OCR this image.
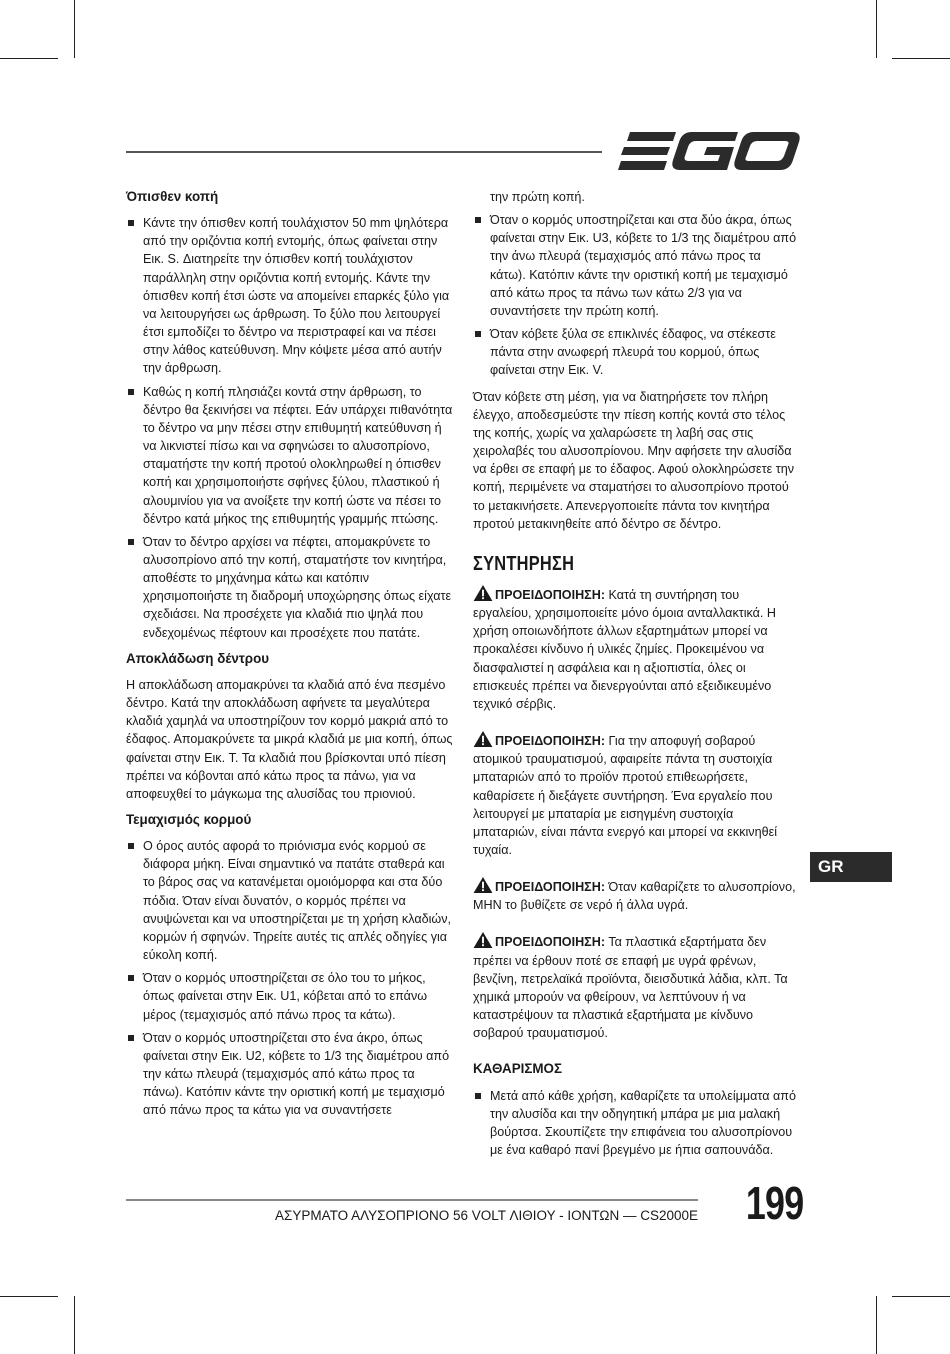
Όπισθεν κοπή
Κάντε την όπισθεν κοπή τουλάχιστον 50 mm ψηλότερα από την οριζόντια κοπή εντομής, όπως φαίνεται στην Εικ. S. Διατηρείτε την όπισθεν κοπή τουλάχιστον παράλληλη στην οριζόντια κοπή εντομής. Κάντε την όπισθεν κοπή έτσι ώστε να απομείνει επαρκές ξύλο για να λειτουργήσει ως άρθρωση. Το ξύλο που λειτουργεί έτσι εμποδίζει το δέντρο να περιστραφεί και να πέσει στην λάθος κατεύθυνση. Μην κόψετε μέσα από αυτήν την άρθρωση.
Καθώς η κοπή πλησιάζει κοντά στην άρθρωση, το δέντρο θα ξεκινήσει να πέφτει. Εάν υπάρχει πιθανότητα το δέντρο να μην πέσει στην επιθυμητή κατεύθυνση ή να λικνιστεί πίσω και να σφηνώσει το αλυσοπρίονο, σταματήστε την κοπή προτού ολοκληρωθεί η όπισθεν κοπή και χρησιμοποιήστε σφήνες ξύλου, πλαστικού ή αλουμινίου για να ανοίξετε την κοπή ώστε να πέσει το δέντρο κατά μήκος της επιθυμητής γραμμής πτώσης.
Όταν το δέντρο αρχίσει να πέφτει, απομακρύνετε το αλυσοπρίονο από την κοπή, σταματήστε τον κινητήρα, αποθέστε το μηχάνημα κάτω και κατόπιν χρησιμοποιήστε τη διαδρομή υποχώρησης όπως είχατε σχεδιάσει. Να προσέχετε για κλαδιά πιο ψηλά που ενδεχομένως πέφτουν και προσέχετε που πατάτε.
Αποκλάδωση δέντρου

Η αποκλάδωση απομακρύνει τα κλαδιά από ένα πεσμένο δέντρο. Κατά την αποκλάδωση αφήνετε τα μεγαλύτερα κλαδιά χαμηλά να υποστηρίζουν τον κορμό μακριά από το έδαφος. Απομακρύνετε τα μικρά κλαδιά με μια κοπή, όπως φαίνεται στην Εικ. T. Τα κλαδιά που βρίσκονται υπό πίεση πρέπει να κόβονται από κάτω προς τα πάνω, για να αποφευχθεί το μάγκωμα της αλυσίδας του πριονιού.

Τεμαχισμός κορμού
Ο όρος αυτός αφορά το πριόνισμα ενός κορμού σε διάφορα μήκη. Είναι σημαντικό να πατάτε σταθερά και το βάρος σας να κατανέμεται ομοιόμορφα και στα δύο πόδια. Όταν είναι δυνατόν, ο κορμός πρέπει να ανυψώνεται και να υποστηρίζεται με τη χρήση κλαδιών, κορμών ή σφηνών. Τηρείτε αυτές τις απλές οδηγίες για εύκολη κοπή.
Όταν ο κορμός υποστηρίζεται σε όλο του το μήκος, όπως φαίνεται στην Εικ. U1, κόβεται από το επάνω μέρος (τεμαχισμός από πάνω προς τα κάτω).
Όταν ο κορμός υποστηρίζεται στο ένα άκρο, όπως φαίνεται στην Εικ. U2, κόβετε το 1/3 της διαμέτρου από την κάτω πλευρά (τεμαχισμός από κάτω προς τα πάνω). Κατόπιν κάντε την οριστική κοπή με τεμαχισμό από πάνω προς τα κάτω για να συναντήσετε
την πρώτη κοπή.
Όταν ο κορμός υποστηρίζεται και στα δύο άκρα, όπως φαίνεται στην Εικ. U3, κόβετε το 1/3 της διαμέτρου από την άνω πλευρά (τεμαχισμός από πάνω προς τα κάτω). Κατόπιν κάντε την οριστική κοπή με τεμαχισμό από κάτω προς τα πάνω των κάτω 2/3 για να συναντήσετε την πρώτη κοπή.
Όταν κόβετε ξύλα σε επικλινές έδαφος, να στέκεστε πάντα στην ανωφερή πλευρά του κορμού, όπως φαίνεται στην Εικ. V.

Όταν κόβετε στη μέση, για να διατηρήσετε τον πλήρη έλεγχο, αποδεσμεύστε την πίεση κοπής κοντά στο τέλος της κοπής, χωρίς να χαλαρώσετε τη λαβή σας στις χειρολαβές του αλυσοπρίονου. Μην αφήσετε την αλυσίδα να έρθει σε επαφή με το έδαφος. Αφού ολοκληρώσετε την κοπή, περιμένετε να σταματήσει το αλυσοπρίονο προτού το μετακινήσετε. Απενεργοποιείτε πάντα τον κινητήρα προτού μετακινηθείτε από δέντρο σε δέντρο.

ΣΥΝΤΗΡΗΣΗ
ΠΡΟΕΙΔΟΠΟΙΗΣΗ: Κατά τη συντήρηση του εργαλείου, χρησιμοποιείτε μόνο όμοια ανταλλακτικά. Η χρήση οποιωνδήποτε άλλων εξαρτημάτων μπορεί να προκαλέσει κίνδυνο ή υλικές ζημίες. Προκειμένου να διασφαλιστεί η ασφάλεια και η αξιοπιστία, όλες οι επισκευές πρέπει να διενεργούνται από εξειδικευμένο τεχνικό σέρβις.
ΠΡΟΕΙΔΟΠΟΙΗΣΗ: Για την αποφυγή σοβαρού ατομικού τραυματισμού, αφαιρείτε πάντα τη συστοιχία μπαταριών από το προϊόν προτού επιθεωρήσετε, καθαρίσετε ή διεξάγετε συντήρηση. Ένα εργαλείο που λειτουργεί με μπαταρία με εισηγμένη συστοιχία μπαταριών, είναι πάντα ενεργό και μπορεί να εκκινηθεί τυχαία.
ΠΡΟΕΙΔΟΠΟΙΗΣΗ: Όταν καθαρίζετε το αλυσοπρίονο, ΜΗΝ το βυθίζετε σε νερό ή άλλα υγρά.
ΠΡΟΕΙΔΟΠΟΙΗΣΗ: Τα πλαστικά εξαρτήματα δεν πρέπει να έρθουν ποτέ σε επαφή με υγρά φρένων, βενζίνη, πετρελαϊκά προϊόντα, διεισδυτικά λάδια, κλπ. Τα χημικά μπορούν να φθείρουν, να λεπτύνουν ή να καταστρέψουν τα πλαστικά εξαρτήματα με κίνδυνο σοβαρού τραυματισμού.
ΚΑΘΑΡΙΣΜΟΣ
Μετά από κάθε χρήση, καθαρίζετε τα υπολείμματα από την αλυσίδα και την οδηγητική μπάρα με μια μαλακή βούρτσα. Σκουπίζετε την επιφάνεια του αλυσοπρίονου με ένα καθαρό πανί βρεγμένο με ήπια σαπουνάδα.
GR
ΑΣΥΡΜΑΤΟ ΑΛΥΣΟΠΡΙΟΝΟ 56 VOLT ΛΙΘΙΟΥ - ΙΟΝΤΩΝ — CS2000E 199
